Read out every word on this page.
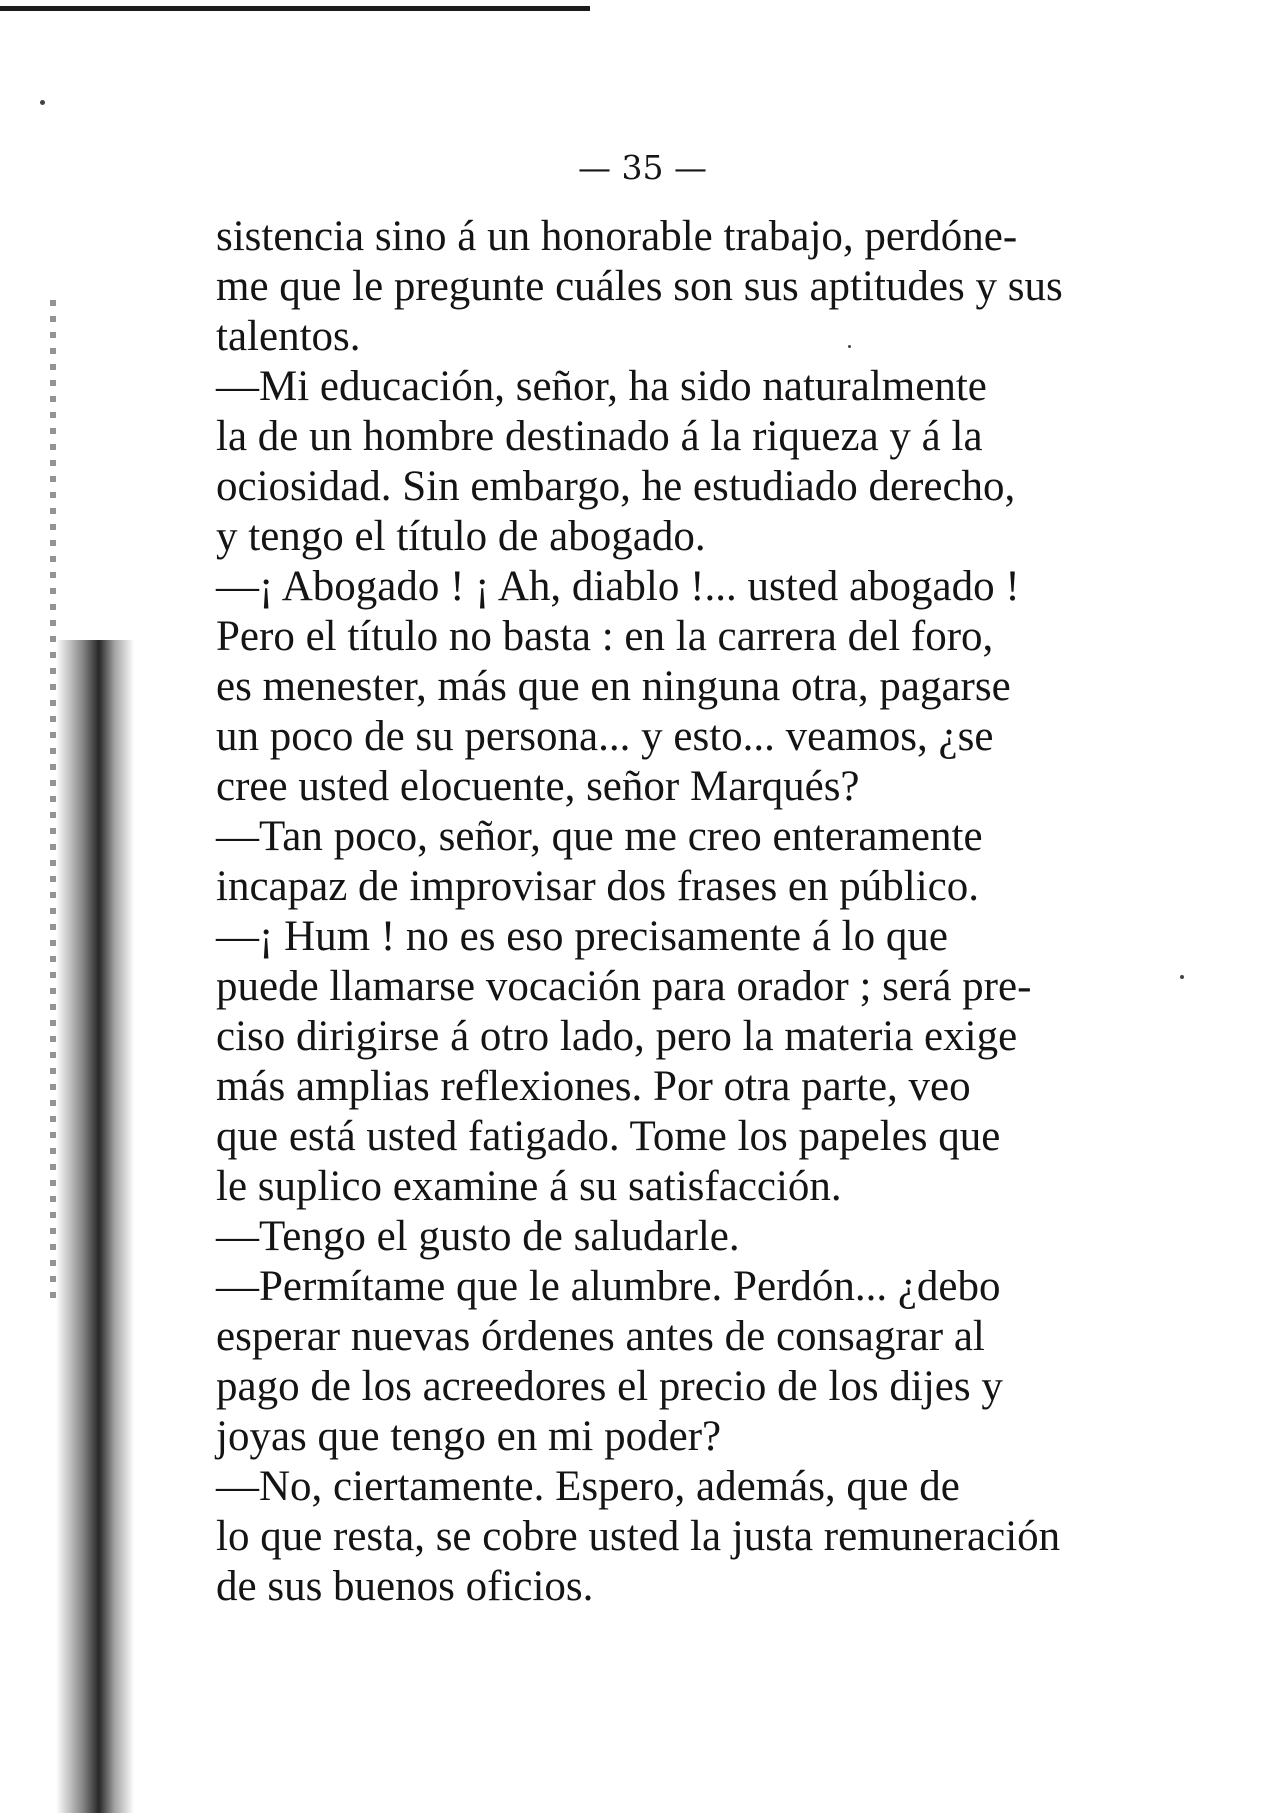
— 35 —

sistencia sino á un honorable trabajo, perdóne-

me que le pregunte cuáles son sus aptitudes y sus

talentos.

—Mi educación, señor, ha sido naturalmente

la de un hombre destinado á la riqueza y á la

ociosidad. Sin embargo, he estudiado derecho,

y tengo el título de abogado.

—¡ Abogado ! ¡ Ah, diablo !... usted abogado !

Pero el título no basta : en la carrera del foro,

es menester, más que en ninguna otra, pagarse

un poco de su persona... y esto... veamos, ¿se

cree usted elocuente, señor Marqués?

—Tan poco, señor, que me creo enteramente

incapaz de improvisar dos frases en público.

—¡ Hum ! no es eso precisamente á lo que

puede llamarse vocación para orador ; será pre-

ciso dirigirse á otro lado, pero la materia exige

más amplias reflexiones. Por otra parte, veo

que está usted fatigado. Tome los papeles que

le suplico examine á su satisfacción.

—Tengo el gusto de saludarle.

—Permítame que le alumbre. Perdón... ¿debo

esperar nuevas órdenes antes de consagrar al

pago de los acreedores el precio de los dijes y

joyas que tengo en mi poder?

—No, ciertamente. Espero, además, que de

lo que resta, se cobre usted la justa remuneración

de sus buenos oficios.
